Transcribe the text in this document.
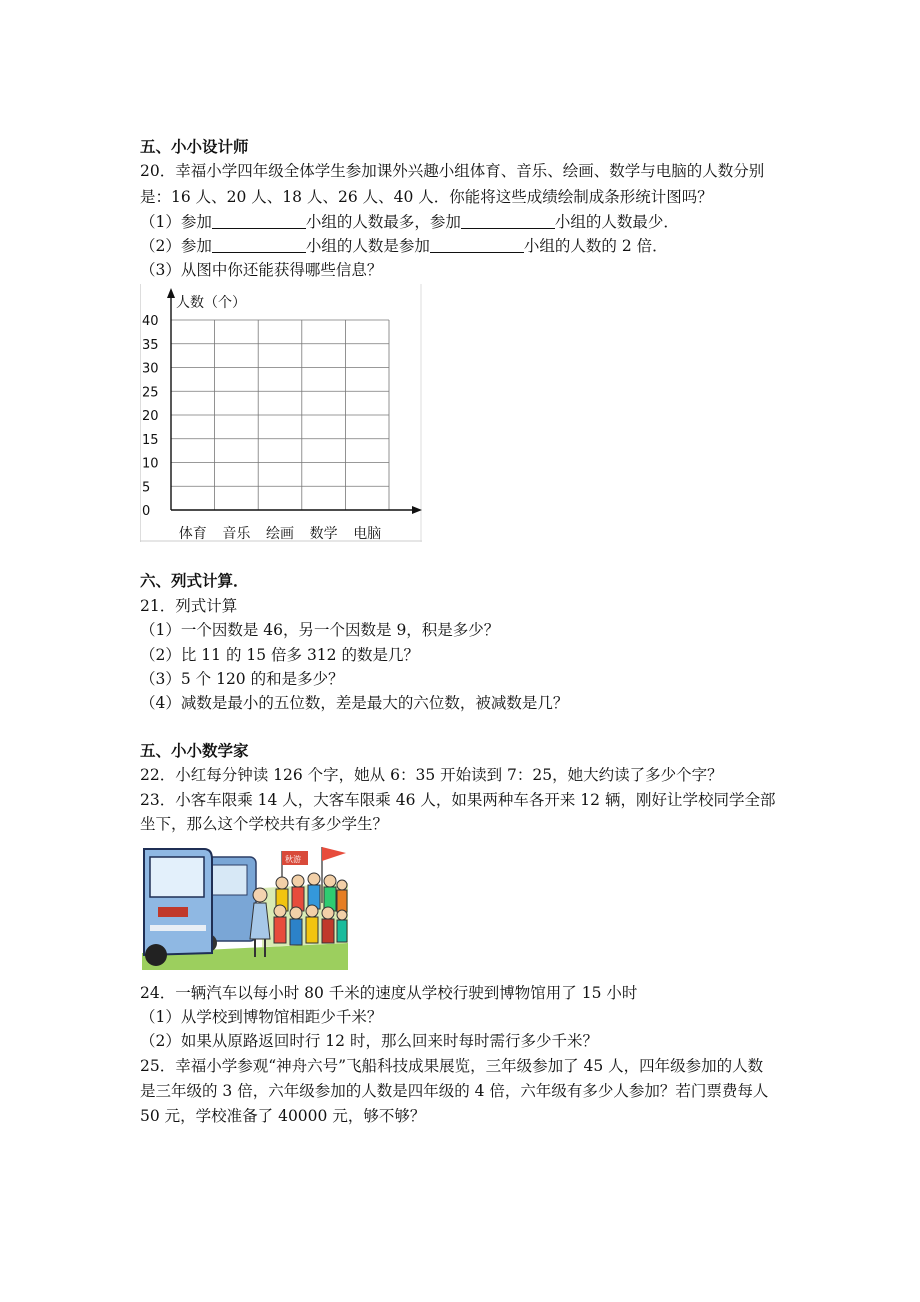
五、小小设计师
20．幸福小学四年级全体学生参加课外兴趣小组体育、音乐、绘画、数学与电脑的人数分别
是：16 人、20 人、18 人、26 人、40 人．你能将这些成绩绘制成条形统计图吗？
（1）参加	小组的人数最多，参加	小组的人数最少．
（2）参加	小组的人数是参加	小组的人数的 2 倍．
（3）从图中你还能获得哪些信息？
人数（个）
0
5
10
15
20
25
30
35
40
体育 音乐 绘画 数学 电脑
六、列式计算．
21．列式计算
（1）一个因数是 46，另一个因数是 9，积是多少？
（2）比 11 的 15 倍多 312 的数是几？
（3）5 个 120 的和是多少？
（4）减数是最小的五位数，差是最大的六位数，被减数是几？
五、小小数学家
22．小红每分钟读 126 个字，她从 6：35 开始读到 7：25，她大约读了多少个字？
23．小客车限乘 14 人，大客车限乘 46 人，如果两种车各开来 12 辆，刚好让学校同学全部
坐下，那么这个学校共有多少学生？
秋游
24．一辆汽车以每小时 80 千米的速度从学校行驶到博物馆用了 15 小时
（1）从学校到博物馆相距少千米？
（2）如果从原路返回时行 12 时，那么回来时每时需行多少千米？
25．幸福小学参观“神舟六号”飞船科技成果展览，三年级参加了 45 人，四年级参加的人数
是三年级的 3 倍，六年级参加的人数是四年级的 4 倍，六年级有多少人参加？若门票费每人
50 元，学校准备了 40000 元，够不够？
